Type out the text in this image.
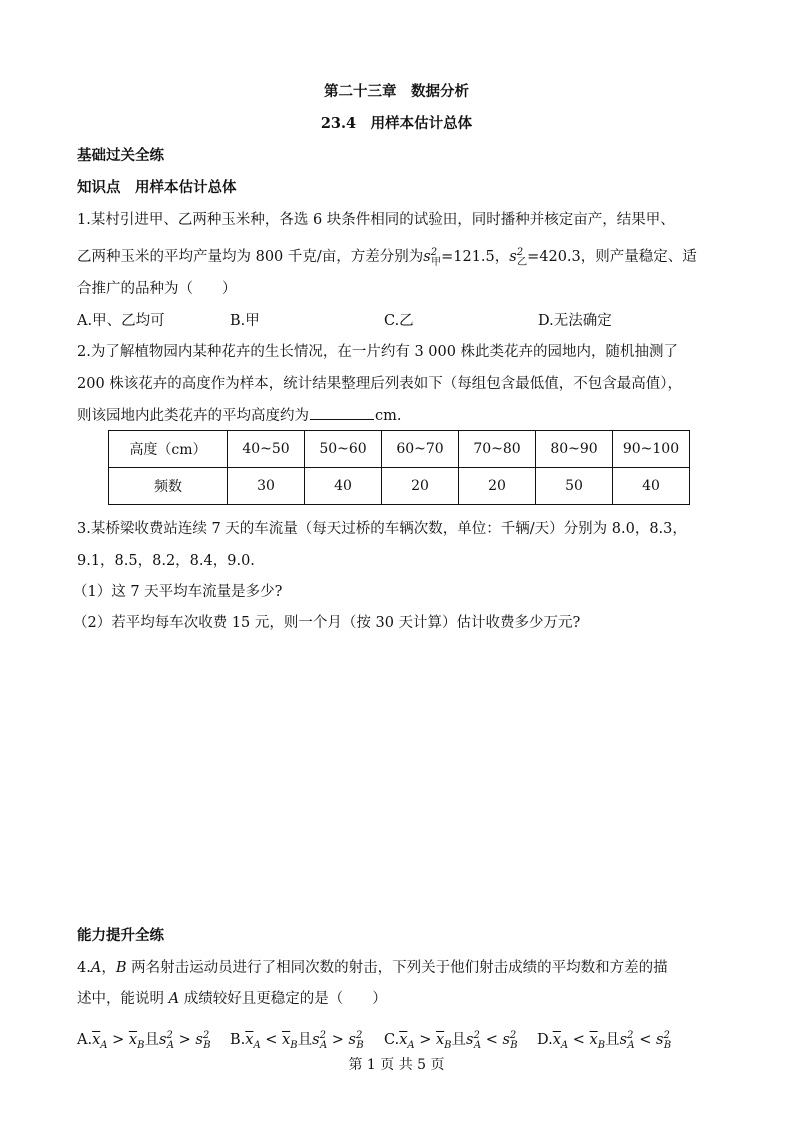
第二十三章　数据分析
23.4　用样本估计总体
基础过关全练
知识点　用样本估计总体
1.某村引进甲、乙两种玉米种，各选 6 块条件相同的试验田，同时播种并核定亩产，结果甲、
乙两种玉米的平均产量均为 800 千克/亩，方差分别为$s^2_甲=121.5$，$s^2_乙=420.3$，则产量稳定、适
合推广的品种为（　　）
A.甲、乙均可	B.甲	C.乙	D.无法确定
2.为了解植物园内某种花卉的生长情况，在一片约有 3 000 株此类花卉的园地内，随机抽测了
200 株该花卉的高度作为样本，统计结果整理后列表如下（每组包含最低值，不包含最高值），
则该园地内此类花卉的平均高度约为	cm.
高度（cm）	40~50	50~60	60~70	70~80	80~90	90~100
频数	30	40	20	20	50	40
3.某桥梁收费站连续 7 天的车流量（每天过桥的车辆次数，单位：千辆/天）分别为 8.0，8.3，
9.1，8.5，8.2，8.4，9.0.
（1）这 7 天平均车流量是多少?
（2）若平均每车次收费 15 元，则一个月（按 30 天计算）估计收费多少万元?
能力提升全练
4.A，B 两名射击运动员进行了相同次数的射击，下列关于他们射击成绩的平均数和方差的描
述中，能说明 A 成绩较好且更稳定的是（　　）
$A.\overline{x}_A > \overline{x}_B$且$s^2_A > s^2_B$ $B.\overline{x}_A < \overline{x}_B$且$s^2_A > s^2_B$ $C.\overline{x}_A > \overline{x}_B$且$s^2_A < s^2_B$ $D.\overline{x}_A < \overline{x}_B$且$s^2_A < s^2_B$
第 1 页 共 5 页
